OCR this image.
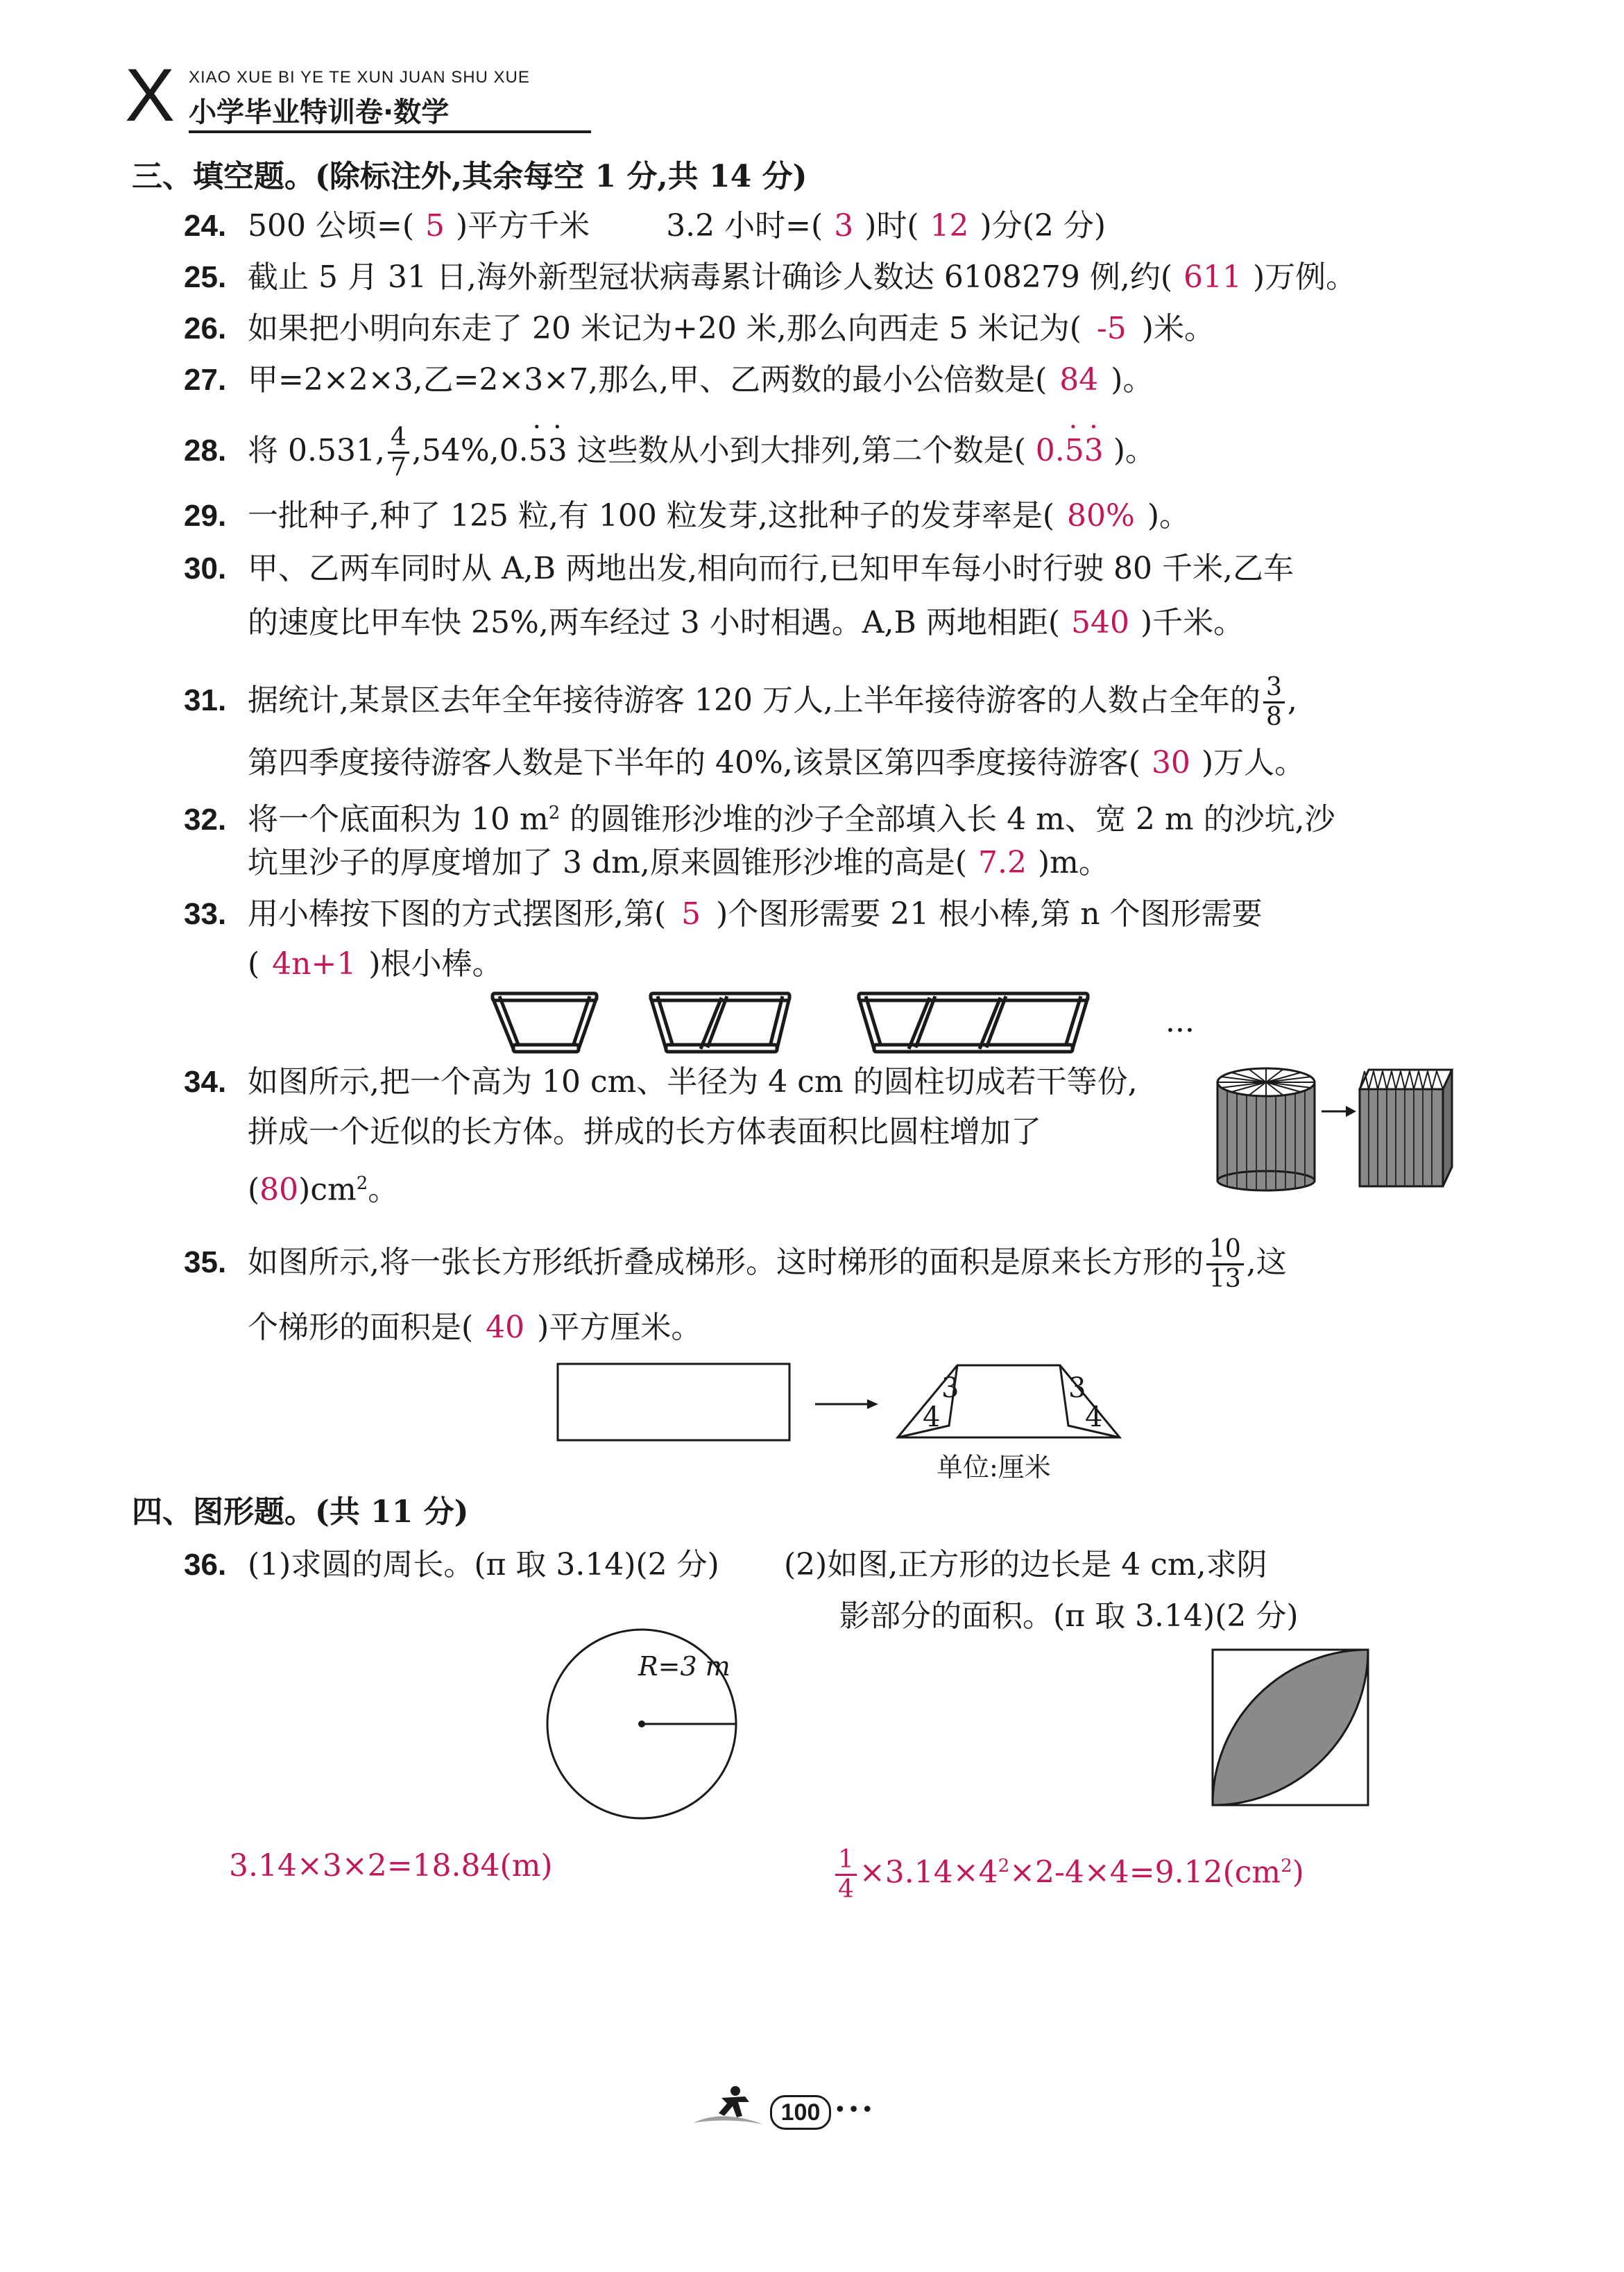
X XIAO XUE BI YE TE XUN JUAN SHU XUE
小学毕业特训卷·数学
三、填空题。(除标注外,其余每空 1 分,共 14 分)
24. 500 公顷=( 5 )平方千米	3.2 小时=( 3 )时( 12 )分(2 分)
25. 截止 5 月 31 日,海外新型冠状病毒累计确诊人数达 6108279 例,约( 611 )万例。
26. 如果把小明向东走了 20 米记为+20 米,那么向西走 5 米记为( -5 )米。
27. 甲=2×2×3,乙=2×3×7,那么,甲、乙两数的最小公倍数是( 84 )。
28. 将 0.531, $\frac{4}{7} ,54\%,0.\cdot \cdot 53$ 这些数从小到大排列,第二个数是( 0.· · 53 )。
29. 一批种子,种了 125 粒,有 100 粒发芽,这批种子的发芽率是( 80% )。
30. 甲、乙两车同时从 A,B 两地出发,相向而行,已知甲车每小时行驶 80 千米,乙车
的速度比甲车快 25%,两车经过 3 小时相遇。A,B 两地相距( 540 )千米。
31. 据统计,某景区去年全年接待游客 120 万人,上半年接待游客的人数占全年的 $\frac{3}{8}$ ,
第四季度接待游客人数是下半年的 40%,该景区第四季度接待游客( 30 )万人。
32. 将一个底面积为 10 $m^2$ 的圆锥形沙堆的沙子全部填入长 4 m、宽 2 m 的沙坑,沙
坑里沙子的厚度增加了 3 dm,原来圆锥形沙堆的高是( 7.2 )m。
33. 用小棒按下图的方式摆图形,第( 5 )个图形需要 21 根小棒,第 n 个图形需要
( 4n+1 )根小棒。
···
34. 如图所示,把一个高为 10 cm、半径为 4 cm 的圆柱切成若干等份,
拼成一个近似的长方体。拼成的长方体表面积比圆柱增加了
$(80)cm^2$。
35. 如图所示,将一张长方形纸折叠成梯形。这时梯形的面积是原来长方形的 $\frac{10}{13}$ ,这
个梯形的面积是( 40 )平方厘米。
3
4
3
4
单位:厘米
四、图形题。(共 11 分)
36. (1)求圆的周长。(π 取 3.14)(2 分) (2)如图,正方形的边长是 4 cm,求阴
影部分的面积。(π 取 3.14)(2 分)
R=3 m
3.14×3×2=18.84(m)	$\frac{1}{4} \times 3.14\times 4^2\times 2-4\times 4=9.12(cm^2)$
100 •••
